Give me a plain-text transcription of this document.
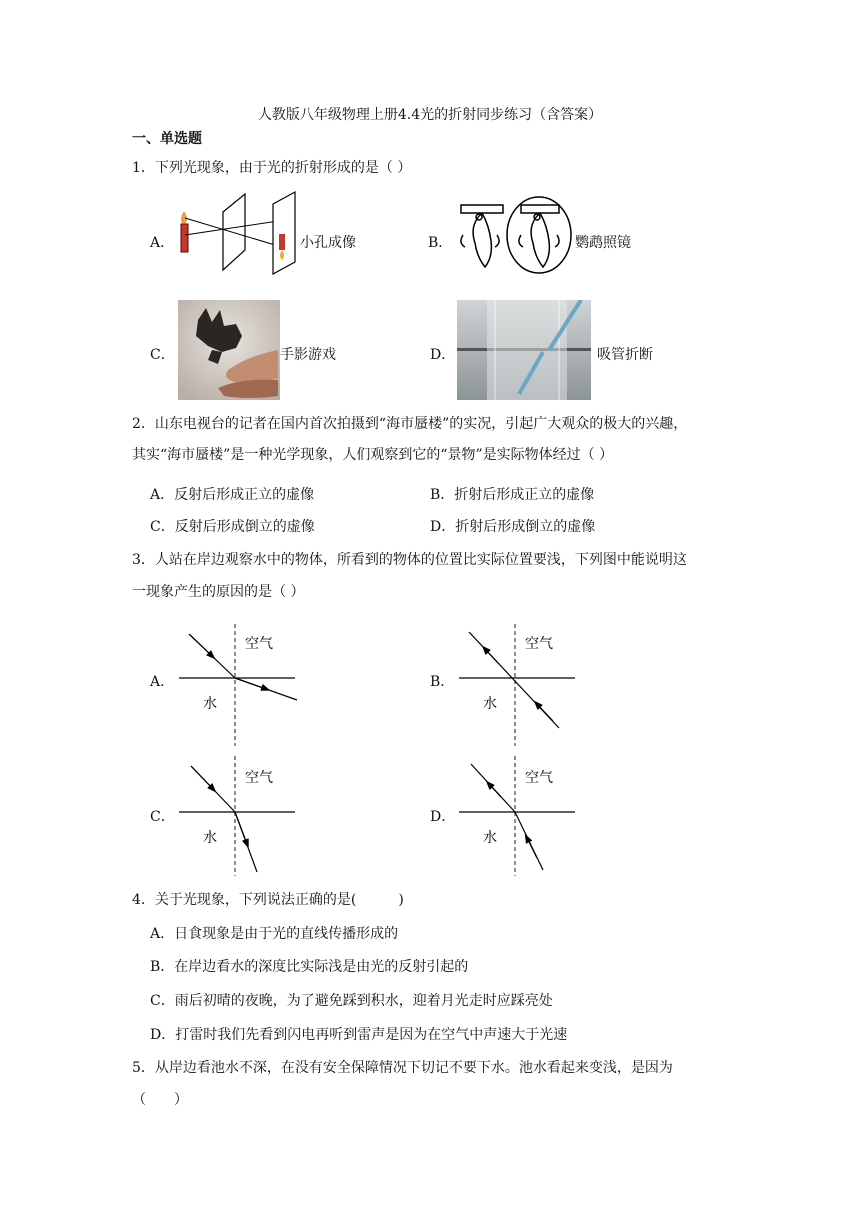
人教版八年级物理上册4.4光的折射同步练习（含答案）
一、单选题
1．下列光现象，由于光的折射形成的是（ ）
A．	小孔成像	B．	鹦鹉照镜
C．	手影游戏	D．	吸管折断
2．山东电视台的记者在国内首次拍摄到“海市蜃楼”的实况，引起广大观众的极大的兴趣，
其实“海市蜃楼”是一种光学现象，人们观察到它的“景物”是实际物体经过（ ）
A．反射后形成正立的虚像	B．折射后形成正立的虚像
C．反射后形成倒立的虚像	D．折射后形成倒立的虚像
3．人站在岸边观察水中的物体，所看到的物体的位置比实际位置要浅，下列图中能说明这
一现象产生的原因的是（ ）
A．
空气
水
B．
空气
水
C．
空气
水
D．
空气
水
4．关于光现象，下列说法正确的是(　　　)
A．日食现象是由于光的直线传播形成的
B．在岸边看水的深度比实际浅是由光的反射引起的
C．雨后初晴的夜晚，为了避免踩到积水，迎着月光走时应踩亮处
D．打雷时我们先看到闪电再听到雷声是因为在空气中声速大于光速
5．从岸边看池水不深，在没有安全保障情况下切记不要下水。池水看起来变浅，是因为
（　　）
